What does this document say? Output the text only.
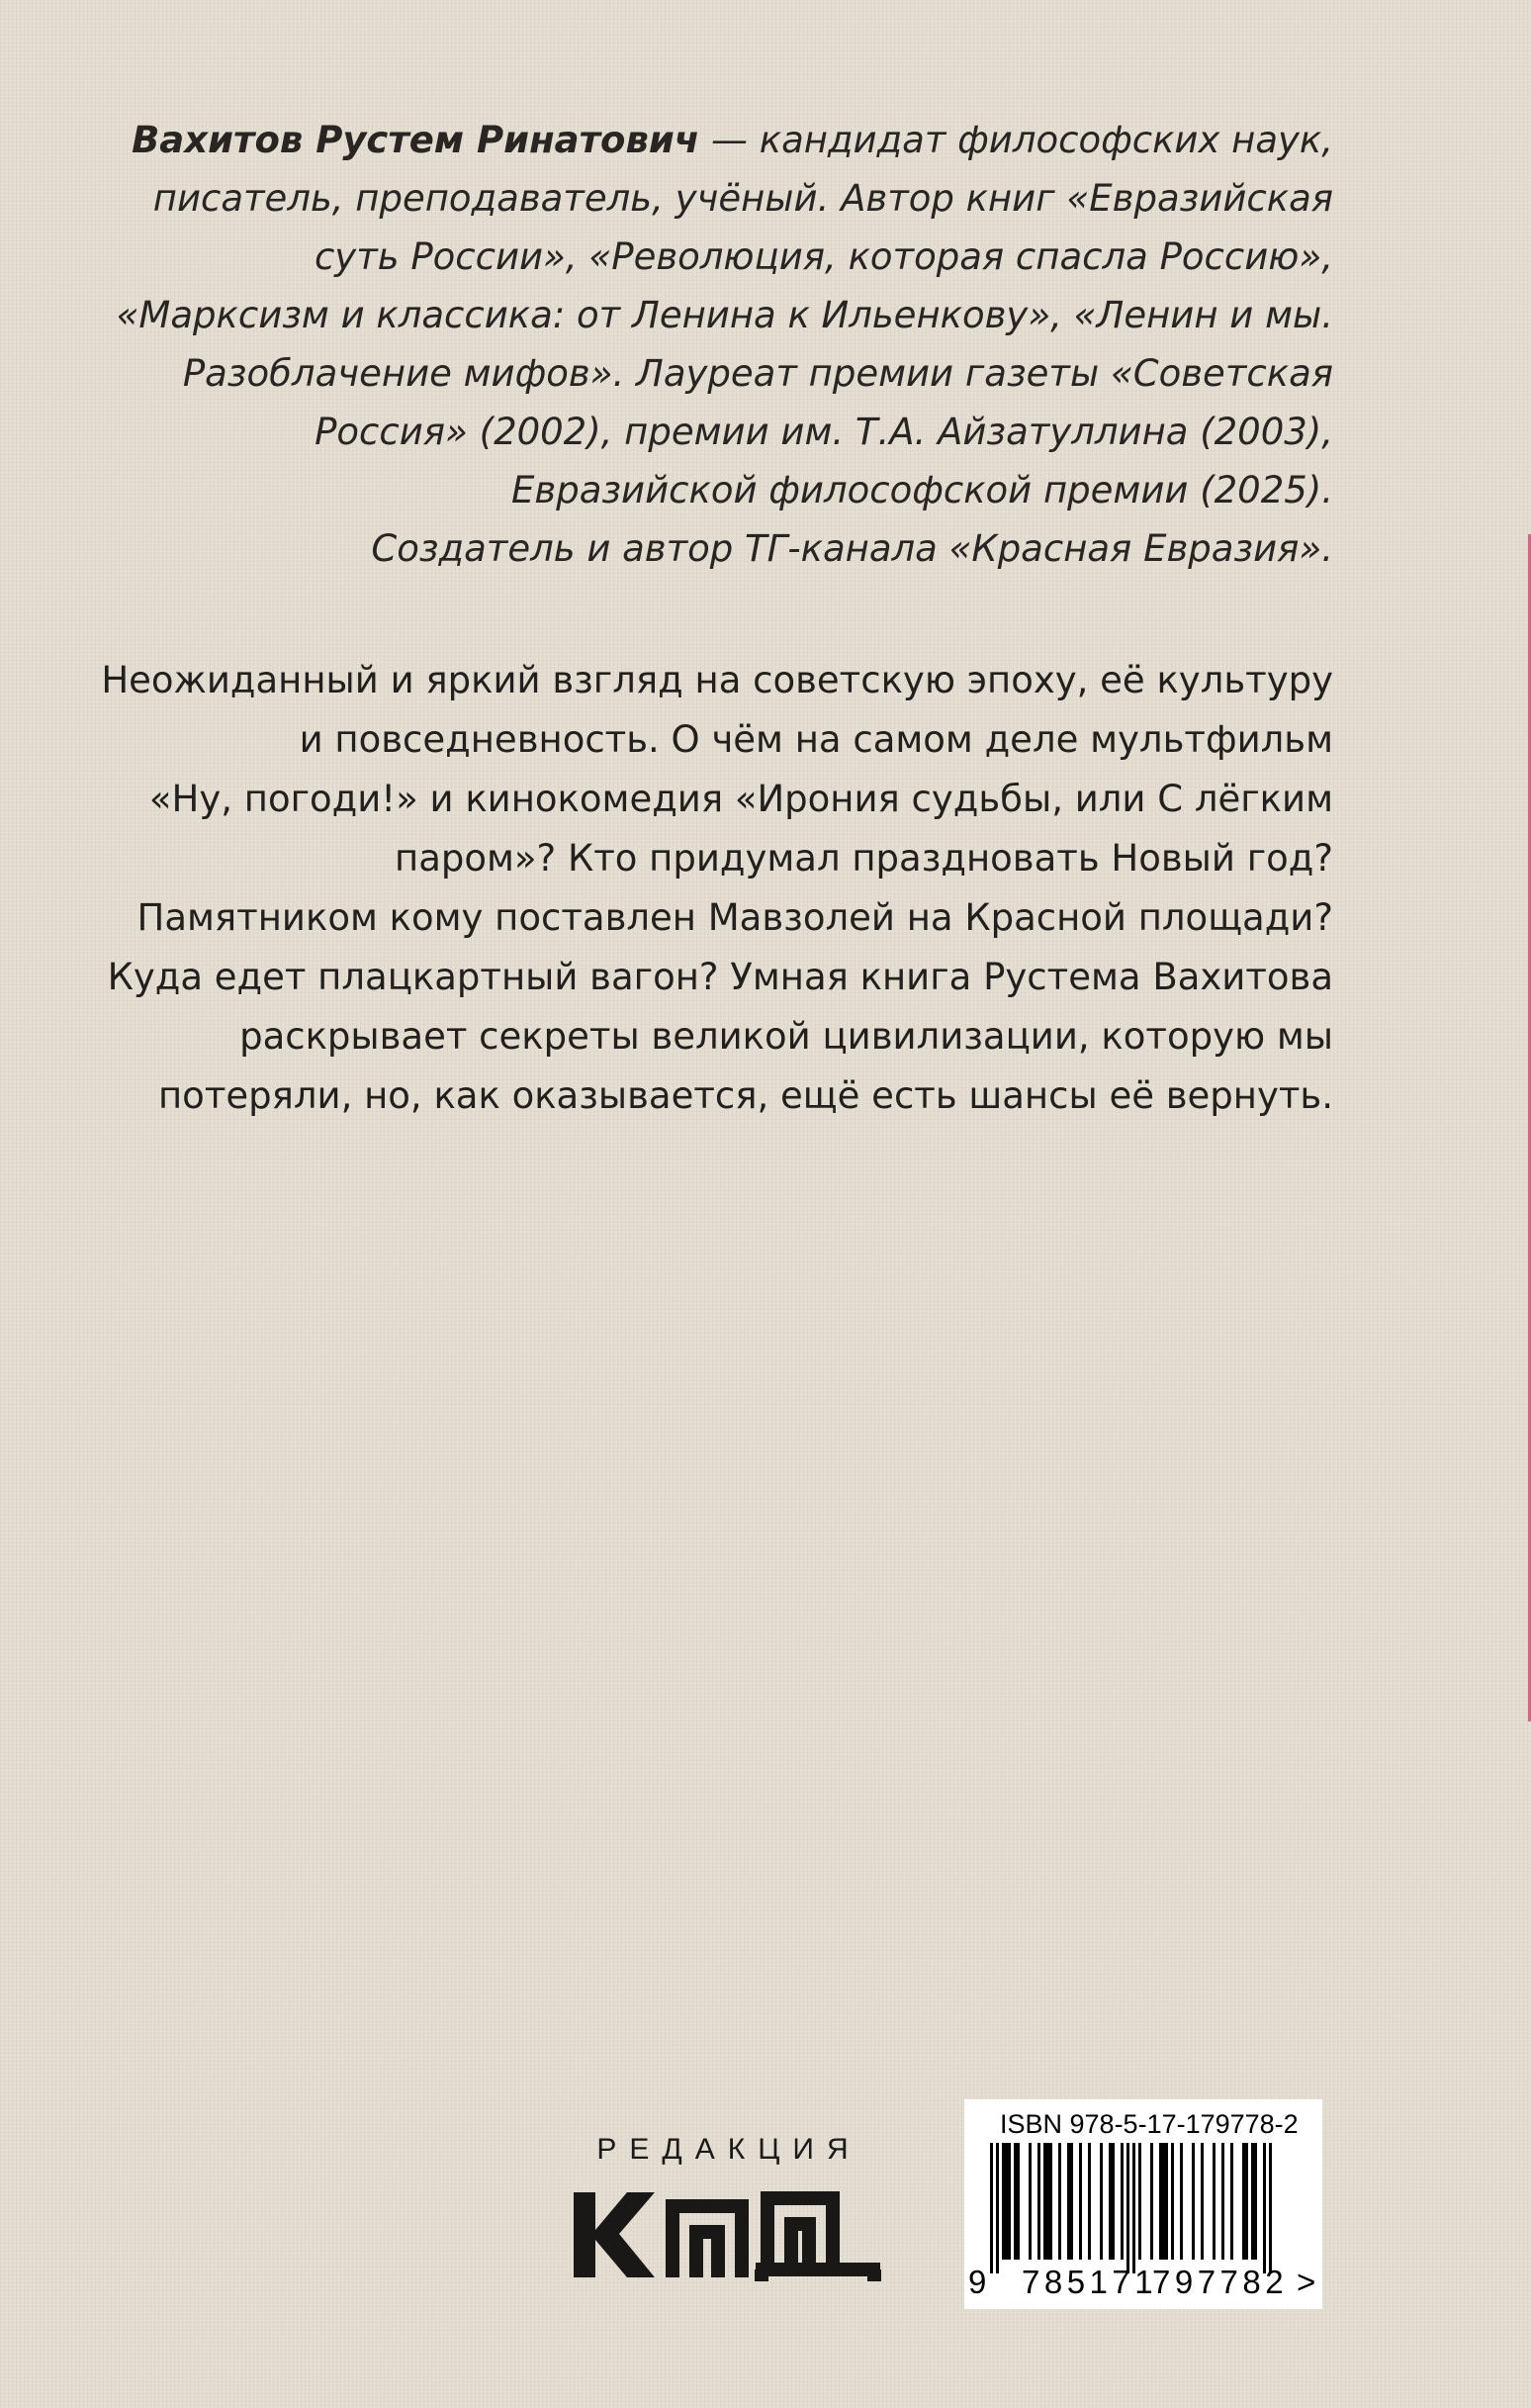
Вахитов Рустем Ринатович — кандидат философских наук,
писатель, преподаватель, учёный. Автор книг «Евразийская
суть России», «Революция, которая спасла Россию»,
«Марксизм и классика: от Ленина к Ильенкову», «Ленин и мы.
Разоблачение мифов». Лауреат премии газеты «Советская
Россия» (2002), премии им. Т.А. Айзатуллина (2003),
Евразийской философской премии (2025).
Создатель и автор ТГ-канала «Красная Евразия».
Неожиданный и яркий взгляд на советскую эпоху, её культуру
и повседневность. О чём на самом деле мультфильм
«Ну, погоди!» и кинокомедия «Ирония судьбы, или С лёгким
паром»? Кто придумал праздновать Новый год?
Памятником кому поставлен Мавзолей на Красной площади?
Куда едет плацкартный вагон? Умная книга Рустема Вахитова
раскрывает секреты великой цивилизации, которую мы
потеряли, но, как оказывается, ещё есть шансы её вернуть.
РЕДАКЦИЯ
ISBN 978-5-17-179778-2
9 785171
797782 >
